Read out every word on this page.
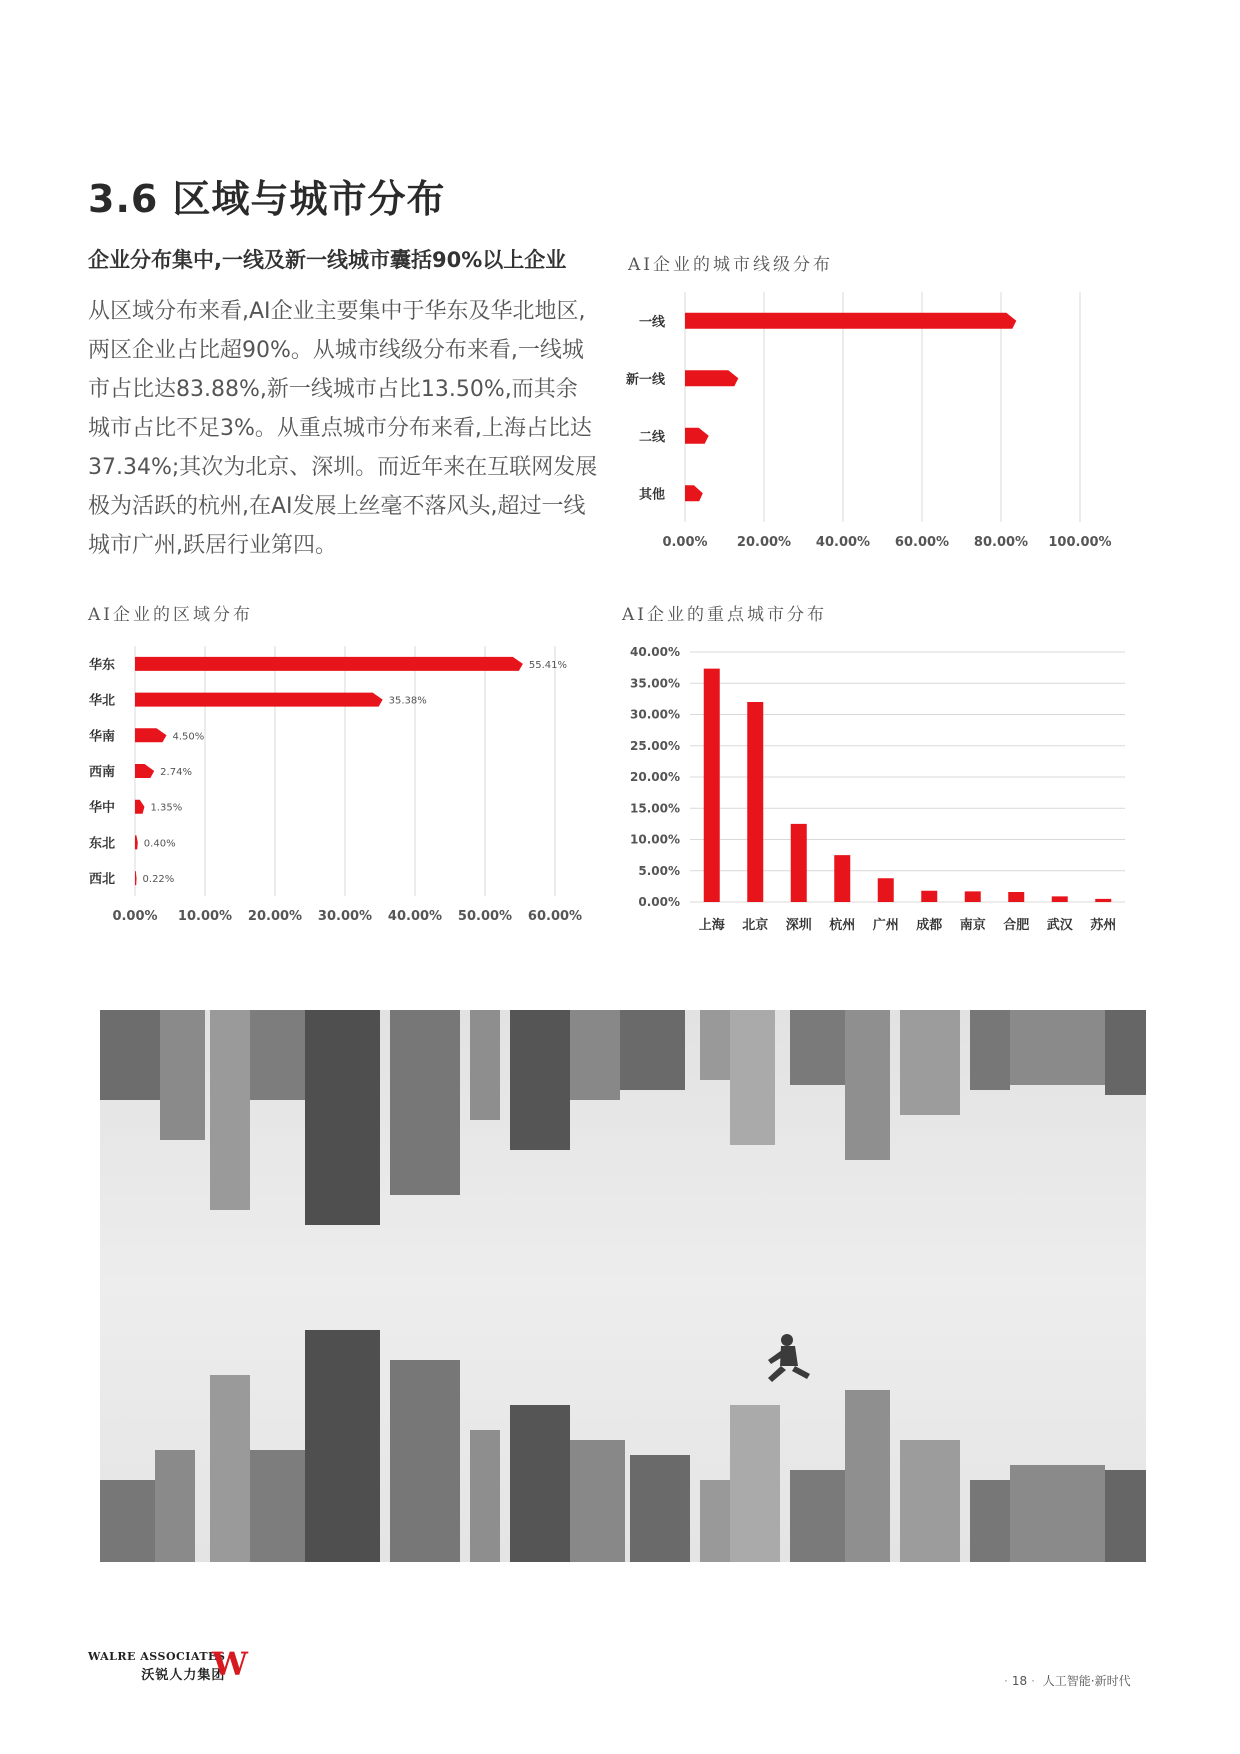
3.6 区域与城市分布
企业分布集中,一线及新一线城市囊括90%以上企业
从区域分布来看,AI企业主要集中于华东及华北地区,两区企业占比超90%。从城市线级分布来看,一线城市占比达83.88%,新一线城市占比13.50%,而其余城市占比不足3%。从重点城市分布来看,上海占比达37.34%;其次为北京、深圳。而近年来在互联网发展极为活跃的杭州,在AI发展上丝毫不落风头,超过一线城市广州,跃居行业第四。
AI企业的城市线级分布
0.00% 20.00% 40.00% 60.00% 80.00% 100.00%
一线
新一线
二线
其他
AI企业的区域分布
0.00% 10.00% 20.00% 30.00% 40.00% 50.00% 60.00%
华东	55.41%
华北	35.38%
华南	4.50%
西南	2.74%
华中	1.35%
东北	0.40%
西北	0.22%
AI企业的重点城市分布
0.00%
5.00%
10.00%
15.00%
20.00%
25.00%
30.00%
35.00%
40.00%
上海 北京 深圳 杭州 广州 成都 南京 合肥 武汉 苏州
WALRE ASSOCIATES
沃锐人力集团
W	· 18 · 人工智能·新时代
